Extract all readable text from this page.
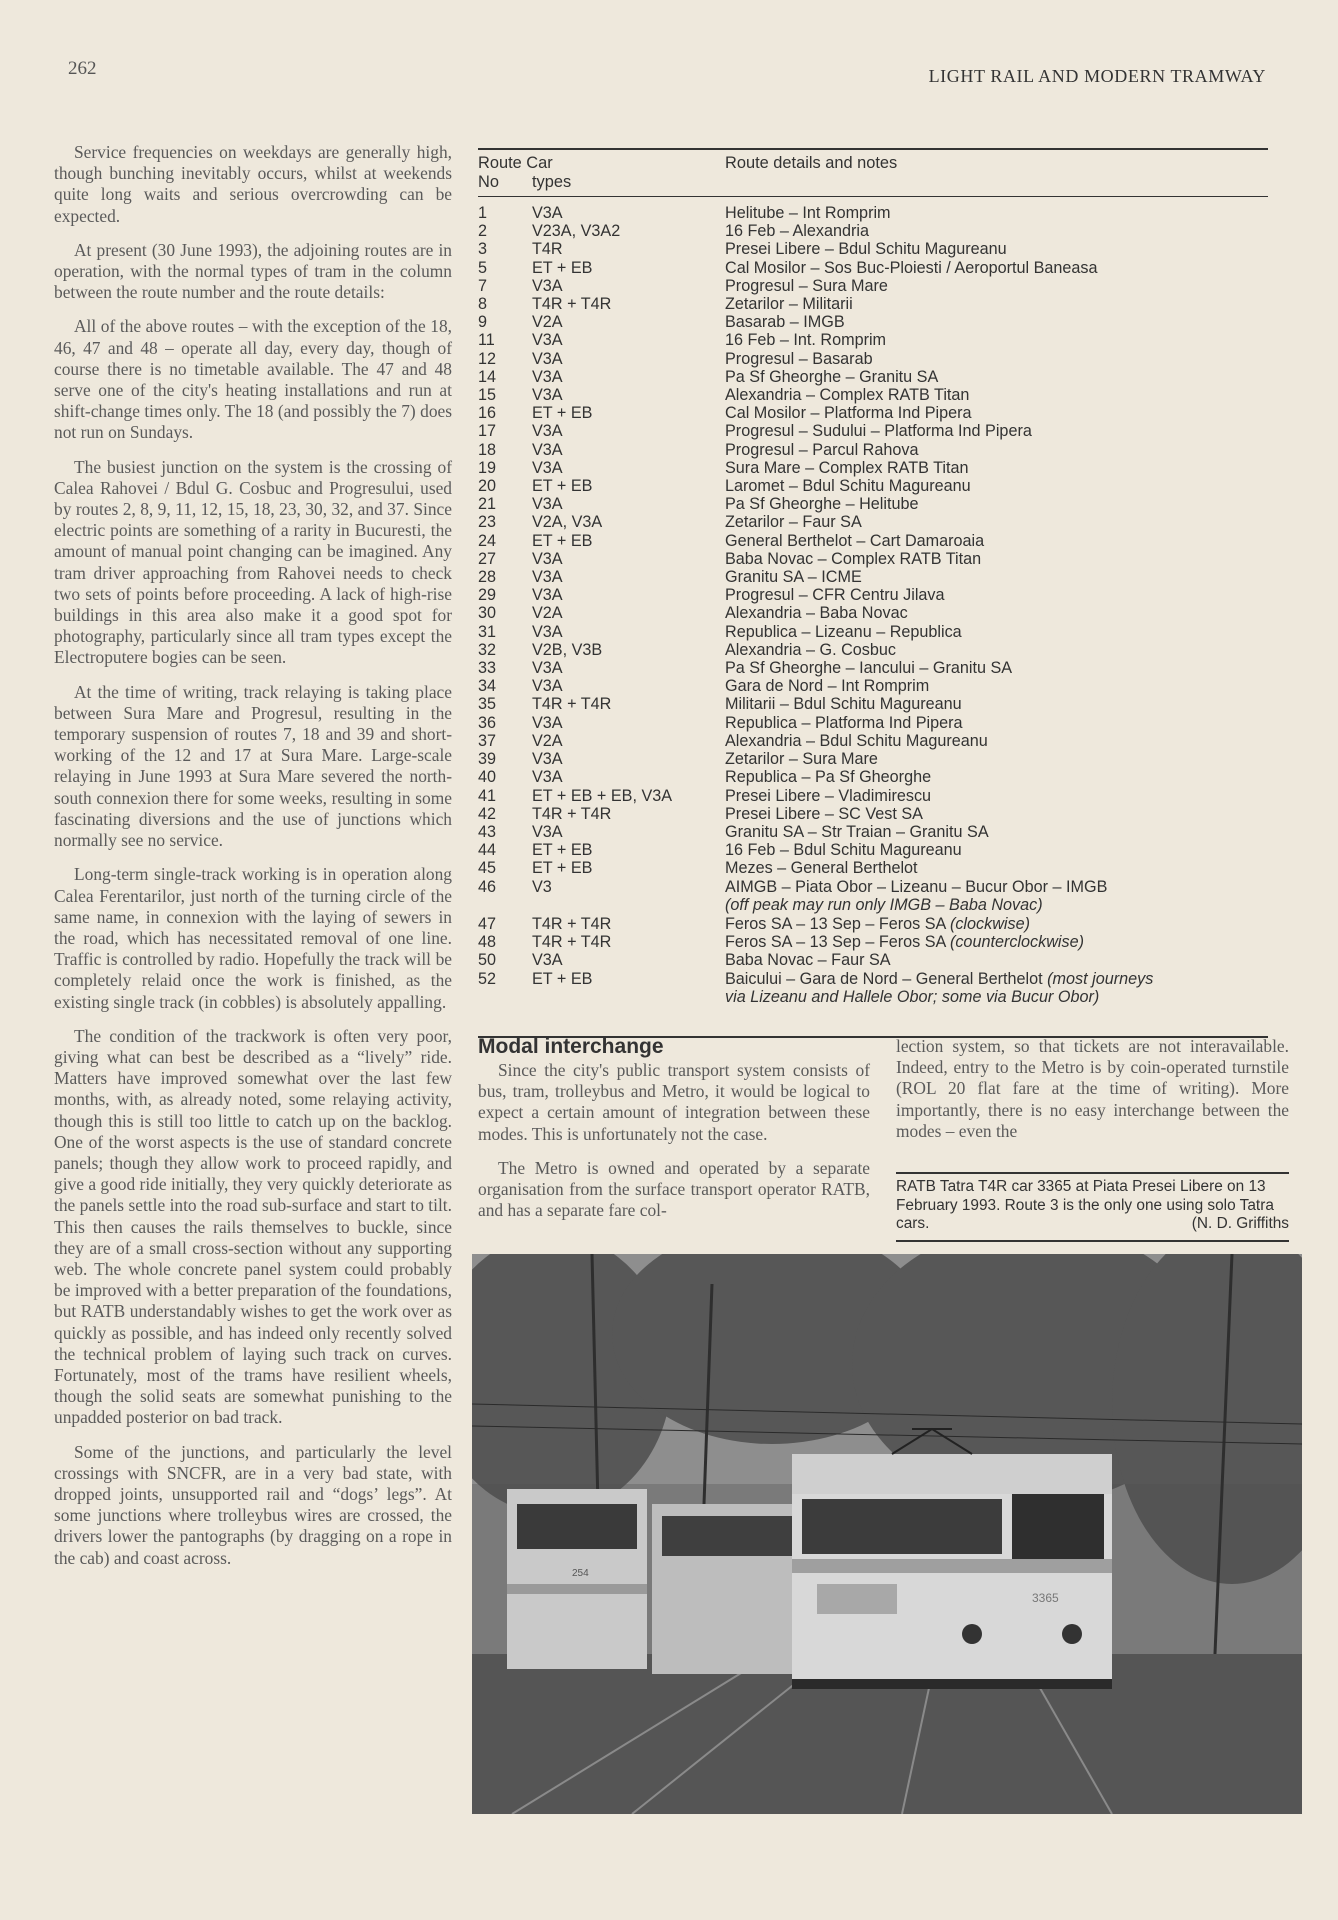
262	LIGHT RAIL AND MODERN TRAMWAY

Service frequencies on weekdays are generally high, though bunching inevitably occurs, whilst at weekends quite long waits and serious overcrowding can be expected.

At present (30 June 1993), the adjoining routes are in operation, with the normal types of tram in the column between the route number and the route details:

All of the above routes – with the exception of the 18, 46, 47 and 48 – operate all day, every day, though of course there is no timetable available. The 47 and 48 serve one of the city's heating installations and run at shift-change times only. The 18 (and possibly the 7) does not run on Sundays.

The busiest junction on the system is the crossing of Calea Rahovei / Bdul G. Cosbuc and Progresului, used by routes 2, 8, 9, 11, 12, 15, 18, 23, 30, 32, and 37. Since electric points are something of a rarity in Bucuresti, the amount of manual point changing can be imagined. Any tram driver approaching from Rahovei needs to check two sets of points before proceeding. A lack of high-rise buildings in this area also make it a good spot for photography, particularly since all tram types except the Electroputere bogies can be seen.

At the time of writing, track relaying is taking place between Sura Mare and Progresul, resulting in the temporary suspension of routes 7, 18 and 39 and short-working of the 12 and 17 at Sura Mare. Large-scale relaying in June 1993 at Sura Mare severed the north-south connexion there for some weeks, resulting in some fascinating diversions and the use of junctions which normally see no service.

Long-term single-track working is in operation along Calea Ferentarilor, just north of the turning circle of the same name, in connexion with the laying of sewers in the road, which has necessitated removal of one line. Traffic is controlled by radio. Hopefully the track will be completely relaid once the work is finished, as the existing single track (in cobbles) is absolutely appalling.

The condition of the trackwork is often very poor, giving what can best be described as a “lively” ride. Matters have improved somewhat over the last few months, with, as already noted, some relaying activity, though this is still too little to catch up on the backlog. One of the worst aspects is the use of standard concrete panels; though they allow work to proceed rapidly, and give a good ride initially, they very quickly deteriorate as the panels settle into the road sub-surface and start to tilt. This then causes the rails themselves to buckle, since they are of a small cross-section without any supporting web. The whole concrete panel system could probably be improved with a better preparation of the foundations, but RATB understandably wishes to get the work over as quickly as possible, and has indeed only recently solved the technical problem of laying such track on curves. Fortunately, most of the trams have resilient wheels, though the solid seats are somewhat punishing to the unpadded posterior on bad track.

Some of the junctions, and particularly the level crossings with SNCFR, are in a very bad state, with dropped joints, unsupported rail and “dogs’ legs”. At some junctions where trolleybus wires are crossed, the drivers lower the pantographs (by dragging on a rope in the cab) and coast across.

Route Car
No	types
Route details and notes
1	V3A	Helitube – Int Romprim
2	V23A, V3A2	16 Feb – Alexandria
3	T4R	Presei Libere – Bdul Schitu Magureanu
5	ET + EB	Cal Mosilor – Sos Buc-Ploiesti / Aeroportul Baneasa
7	V3A	Progresul – Sura Mare
8	T4R + T4R	Zetarilor – Militarii
9	V2A	Basarab – IMGB
11	V3A	16 Feb – Int. Romprim
12	V3A	Progresul – Basarab
14	V3A	Pa Sf Gheorghe – Granitu SA
15	V3A	Alexandria – Complex RATB Titan
16	ET + EB	Cal Mosilor – Platforma Ind Pipera
17	V3A	Progresul – Sudului – Platforma Ind Pipera
18	V3A	Progresul – Parcul Rahova
19	V3A	Sura Mare – Complex RATB Titan
20	ET + EB	Laromet – Bdul Schitu Magureanu
21	V3A	Pa Sf Gheorghe – Helitube
23	V2A, V3A	Zetarilor – Faur SA
24	ET + EB	General Berthelot – Cart Damaroaia
27	V3A	Baba Novac – Complex RATB Titan
28	V3A	Granitu SA – ICME
29	V3A	Progresul – CFR Centru Jilava
30	V2A	Alexandria – Baba Novac
31	V3A	Republica – Lizeanu – Republica
32	V2B, V3B	Alexandria – G. Cosbuc
33	V3A	Pa Sf Gheorghe – Iancului – Granitu SA
34	V3A	Gara de Nord – Int Romprim
35	T4R + T4R	Militarii – Bdul Schitu Magureanu
36	V3A	Republica – Platforma Ind Pipera
37	V2A	Alexandria – Bdul Schitu Magureanu
39	V3A	Zetarilor – Sura Mare
40	V3A	Republica – Pa Sf Gheorghe
41	ET + EB + EB, V3A	Presei Libere – Vladimirescu
42	T4R + T4R	Presei Libere – SC Vest SA
43	V3A	Granitu SA – Str Traian – Granitu SA
44	ET + EB	16 Feb – Bdul Schitu Magureanu
45	ET + EB	Mezes – General Berthelot
46	V3	AIMGB – Piata Obor – Lizeanu – Bucur Obor – IMGB
(off peak may run only IMGB – Baba Novac)
47	T4R + T4R	Feros SA – 13 Sep – Feros SA (clockwise)
48	T4R + T4R	Feros SA – 13 Sep – Feros SA (counterclockwise)
50	V3A	Baba Novac – Faur SA
52	ET + EB	Baicului – Gara de Nord – General Berthelot (most journeys
via Lizeanu and Hallele Obor; some via Bucur Obor)
Modal interchange

Since the city's public transport system consists of bus, tram, trolleybus and Metro, it would be logical to expect a certain amount of integration between these modes. This is unfortunately not the case.

The Metro is owned and operated by a separate organisation from the surface transport operator RATB, and has a separate fare col-

lection system, so that tickets are not interavailable. Indeed, entry to the Metro is by coin-operated turnstile (ROL 20 flat fare at the time of writing). More importantly, there is no easy interchange between the modes – even the

RATB Tatra T4R car 3365 at Piata Presei Libere on 13 February 1993. Route 3 is the only one using solo Tatra cars.	(N. D. Griffiths
254
3365
